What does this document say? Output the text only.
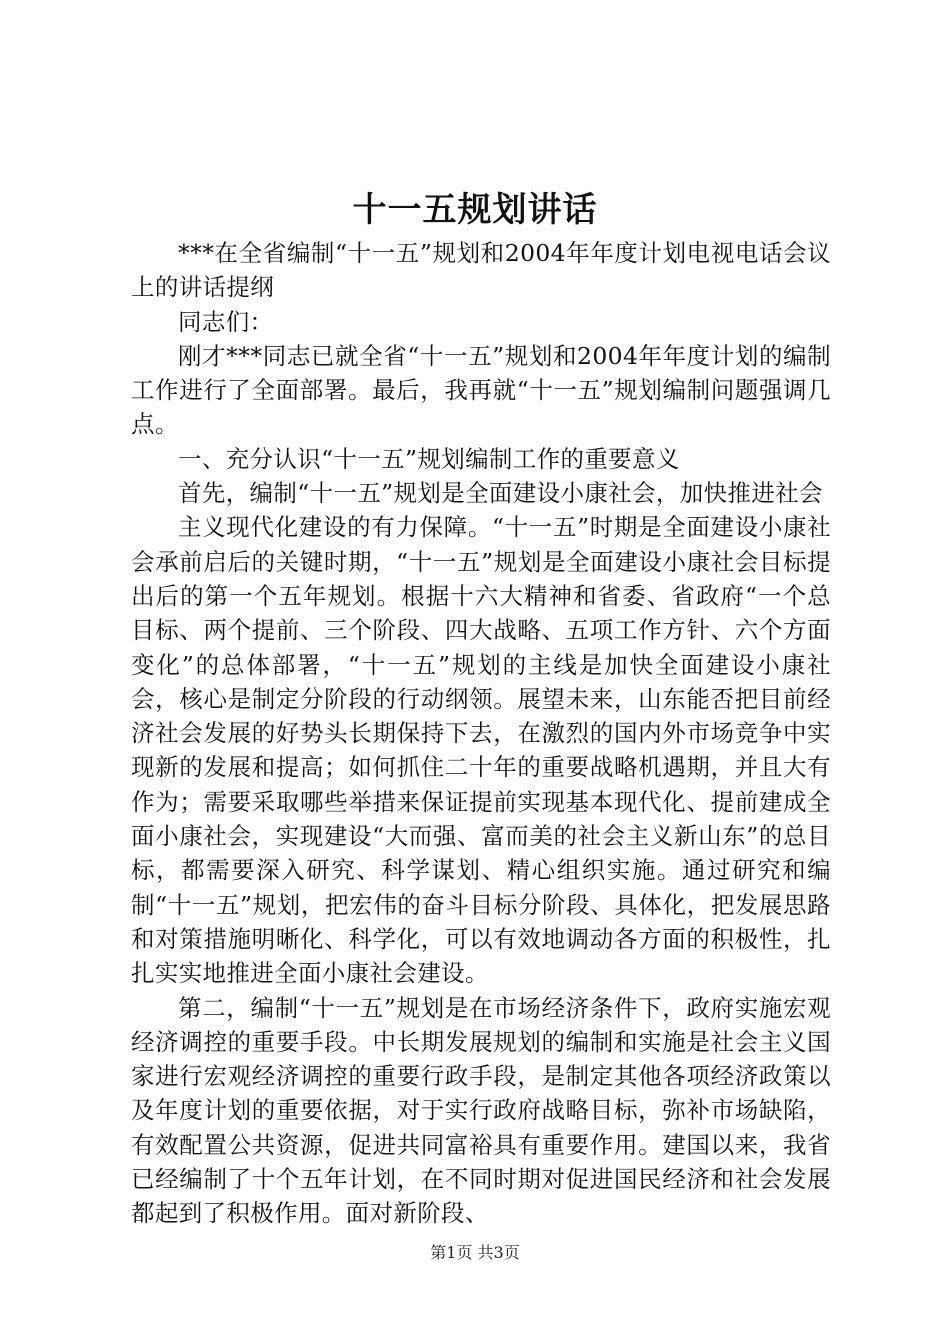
十一五规划讲话

***在全省编制“十一五”规划和2004年年度计划电视电话会议上的讲话提纲

同志们：

刚才***同志已就全省“十一五”规划和2004年年度计划的编制工作进行了全面部署。最后，我再就“十一五”规划编制问题强调几点。

一、充分认识“十一五”规划编制工作的重要意义

首先，编制“十一五”规划是全面建设小康社会，加快推进社会

主义现代化建设的有力保障。“十一五”时期是全面建设小康社会承前启后的关键时期，“十一五”规划是全面建设小康社会目标提出后的第一个五年规划。根据十六大精神和省委、省政府“一个总目标、两个提前、三个阶段、四大战略、五项工作方针、六个方面变化”的总体部署，“十一五”规划的主线是加快全面建设小康社会，核心是制定分阶段的行动纲领。展望未来，山东能否把目前经济社会发展的好势头长期保持下去，在激烈的国内外市场竞争中实现新的发展和提高；如何抓住二十年的重要战略机遇期，并且大有作为；需要采取哪些举措来保证提前实现基本现代化、提前建成全面小康社会，实现建设“大而强、富而美的社会主义新山东”的总目标，都需要深入研究、科学谋划、精心组织实施。通过研究和编制“十一五”规划，把宏伟的奋斗目标分阶段、具体化，把发展思路和对策措施明晰化、科学化，可以有效地调动各方面的积极性，扎扎实实地推进全面小康社会建设。

第二，编制“十一五”规划是在市场经济条件下，政府实施宏观经济调控的重要手段。中长期发展规划的编制和实施是社会主义国家进行宏观经济调控的重要行政手段，是制定其他各项经济政策以及年度计划的重要依据，对于实行政府战略目标，弥补市场缺陷，有效配置公共资源，促进共同富裕具有重要作用。建国以来，我省已经编制了十个五年计划，在不同时期对促进国民经济和社会发展都起到了积极作用。面对新阶段、

第1页 共3页
